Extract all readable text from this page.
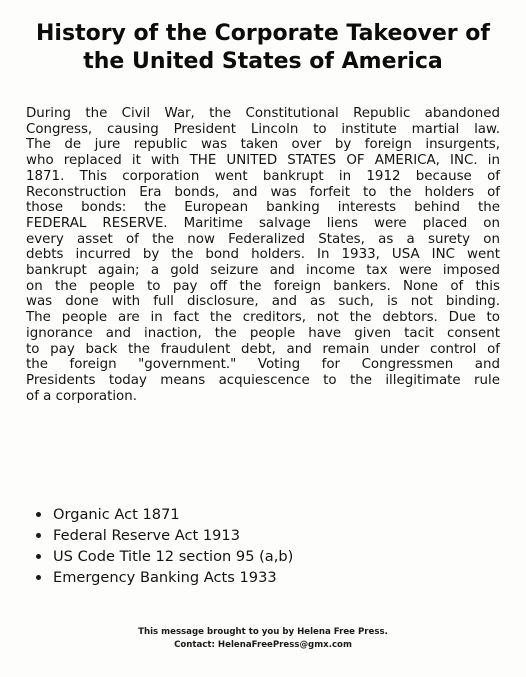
History of the Corporate Takeover of
the United States of America
During the Civil War, the Constitutional Republic abandoned
Congress, causing President Lincoln to institute martial law.
The de jure republic was taken over by foreign insurgents,
who replaced it with THE UNITED STATES OF AMERICA, INC. in
1871. This corporation went bankrupt in 1912 because of
Reconstruction Era bonds, and was forfeit to the holders of
those bonds: the European banking interests behind the
FEDERAL RESERVE. Maritime salvage liens were placed on
every asset of the now Federalized States, as a surety on
debts incurred by the bond holders. In 1933, USA INC went
bankrupt again; a gold seizure and income tax were imposed
on the people to pay off the foreign bankers. None of this
was done with full disclosure, and as such, is not binding.
The people are in fact the creditors, not the debtors. Due to
ignorance and inaction, the people have given tacit consent
to pay back the fraudulent debt, and remain under control of
the foreign "government." Voting for Congressmen and
Presidents today means acquiescence to the illegitimate rule
of a corporation.
Organic Act 1871
Federal Reserve Act 1913
US Code Title 12 section 95 (a,b)
Emergency Banking Acts 1933
This message brought to you by Helena Free Press.
Contact: HelenaFreePress@gmx.com
